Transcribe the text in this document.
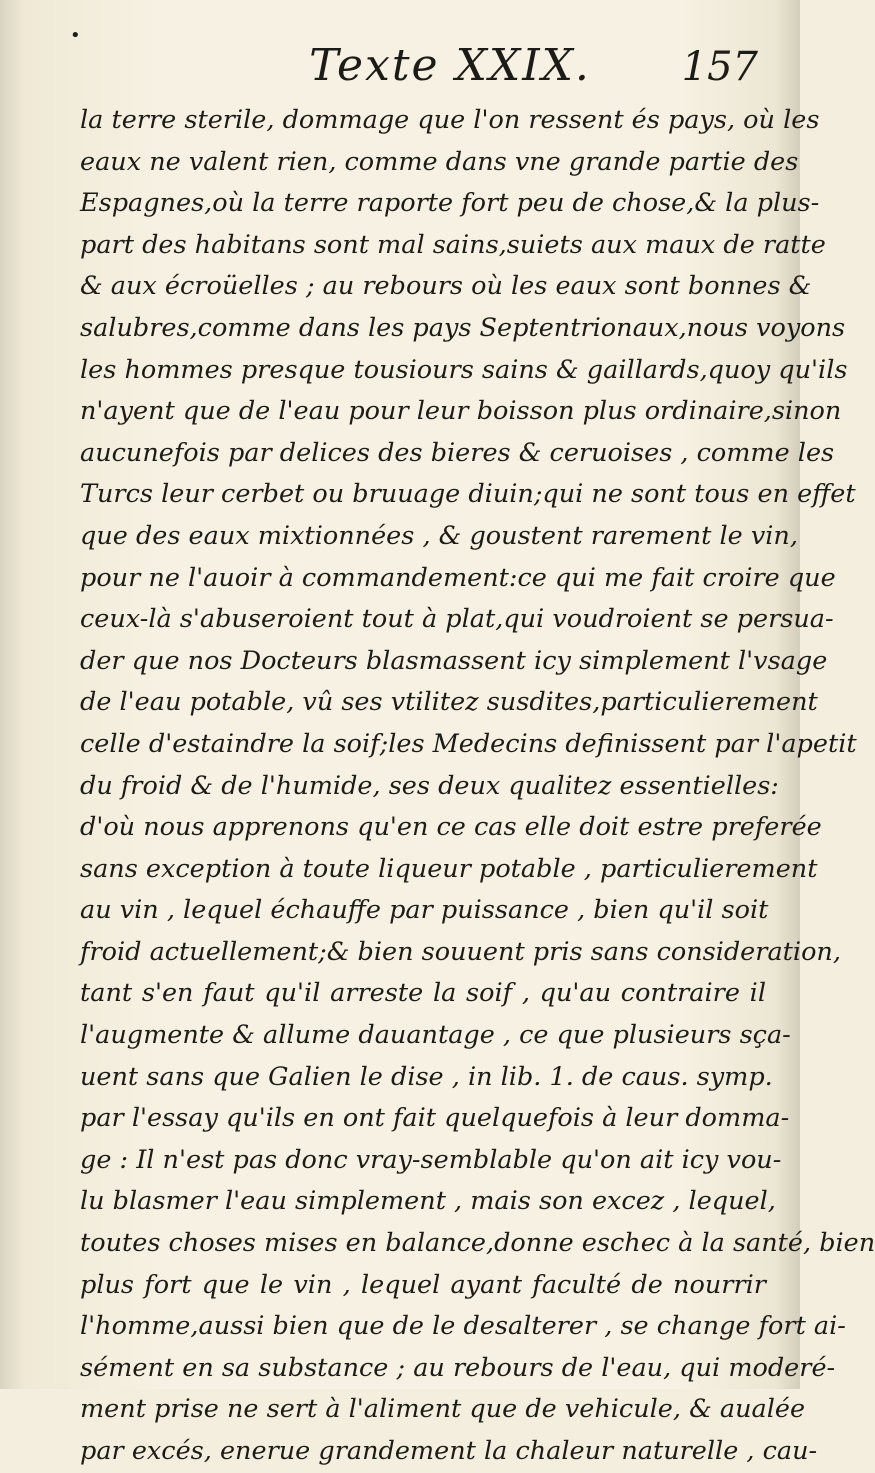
•
Texte XXIX.	157
la terre sterile, dommage que l'on ressent és pays, où les
eaux ne valent rien, comme dans vne grande partie des
Espagnes,où la terre raporte fort peu de chose,& la plus-
part des habitans sont mal sains,suiets aux maux de ratte
& aux écroüelles ; au rebours où les eaux sont bonnes &
salubres,comme dans les pays Septentrionaux,nous voyons
les hommes presque tousiours sains & gaillards,quoy qu'ils
n'ayent que de l'eau pour leur boisson plus ordinaire,sinon
aucunefois par delices des bieres & ceruoises , comme les
Turcs leur cerbet ou bruuage diuin;qui ne sont tous en effet
que des eaux mixtionnées , & goustent rarement le vin,
pour ne l'auoir à commandement:ce qui me fait croire que
ceux-là s'abuseroient tout à plat,qui voudroient se persua-
der que nos Docteurs blasmassent icy simplement l'vsage
de l'eau potable, vû ses vtilitez susdites,particulierement
celle d'estaindre la soif;les Medecins definissent par l'apetit
du froid & de l'humide, ses deux qualitez essentielles:
d'où nous apprenons qu'en ce cas elle doit estre preferée
sans exception à toute liqueur potable , particulierement
au vin , lequel échauffe par puissance , bien qu'il soit
froid actuellement;& bien souuent pris sans consideration,
tant s'en faut qu'il arreste la soif , qu'au contraire il
l'augmente & allume dauantage , ce que plusieurs sça-
uent sans que Galien le dise , in lib. 1. de caus. symp.
par l'essay qu'ils en ont fait quelquefois à leur domma-
ge : Il n'est pas donc vray-semblable qu'on ait icy vou-
lu blasmer l'eau simplement , mais son excez , lequel,
toutes choses mises en balance,donne eschec à la santé, bien
plus fort que le vin , lequel ayant faculté de nourrir
l'homme,aussi bien que de le desalterer , se change fort ai-
sément en sa substance ; au rebours de l'eau, qui moderé-
ment prise ne sert à l'aliment que de vehicule, & aualée
par excés, enerue grandement la chaleur naturelle , cau-
